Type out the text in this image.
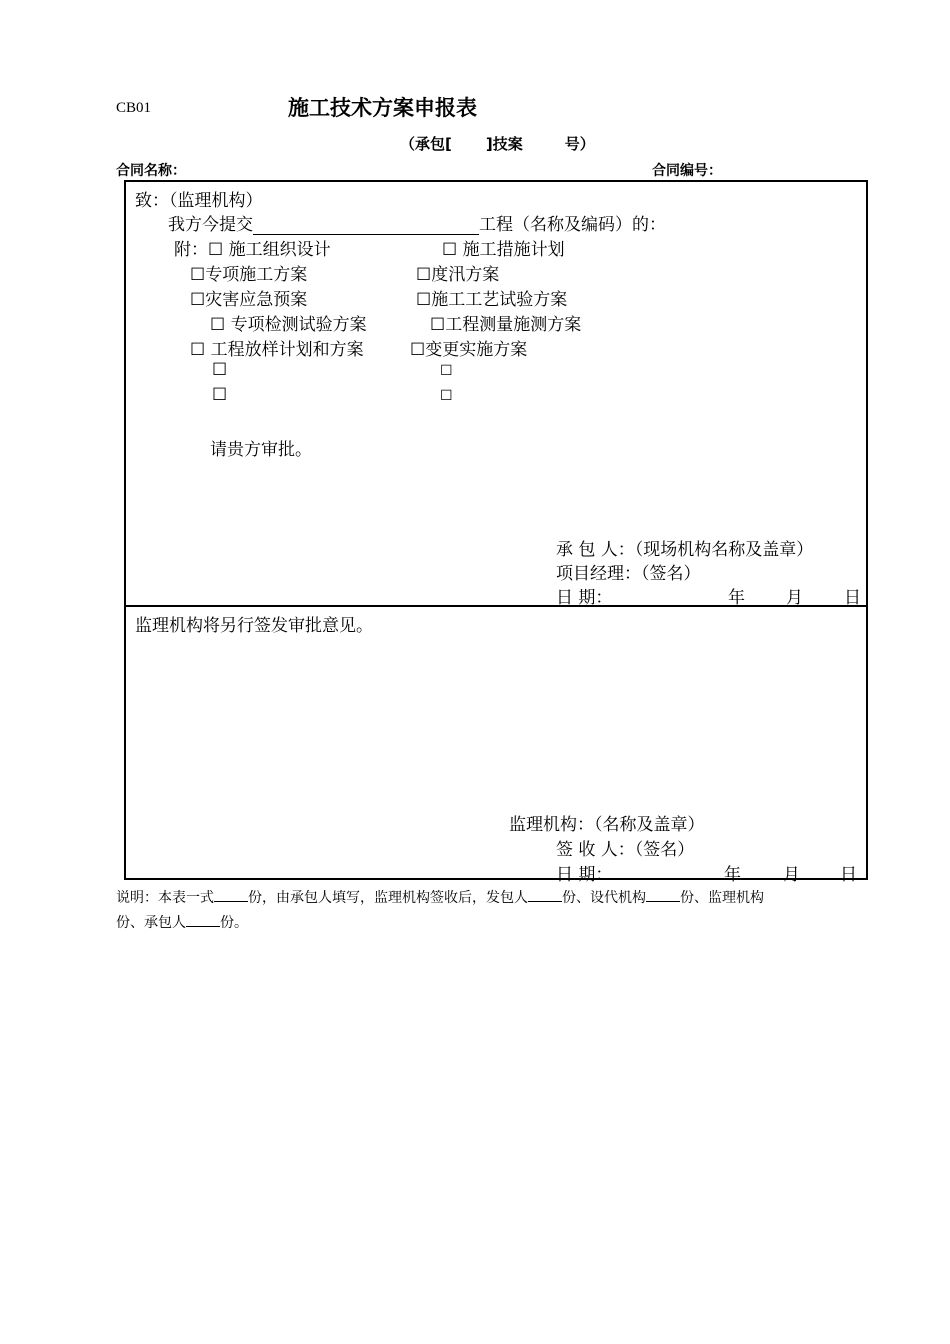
CB01	施工技术方案申报表
（承包[ ]技案	号）
合同名称：	合同编号：
致：（监理机构）
我方今提交	工程（名称及编码）的：
附：☐ 施工组织设计	☐ 施工措施计划
☐专项施工方案	☐度汛方案
☐灾害应急预案	☐施工工艺试验方案
☐ 专项检测试验方案	☐工程测量施测方案
☐ 工程放样计划和方案	☐变更实施方案
☐	☐
☐	☐
请贵方审批。
承 包 人：（现场机构名称及盖章）
项目经理：（签名）
日 期：	年 月 日
监理机构将另行签发审批意见。
监理机构：（名称及盖章）
签 收 人：（签名）
日 期：	年 月 日
说明：本表一式 份，由承包人填写，监理机构签收后，发包人 份、设代机构 份、监理机构
份、承包人 份。
